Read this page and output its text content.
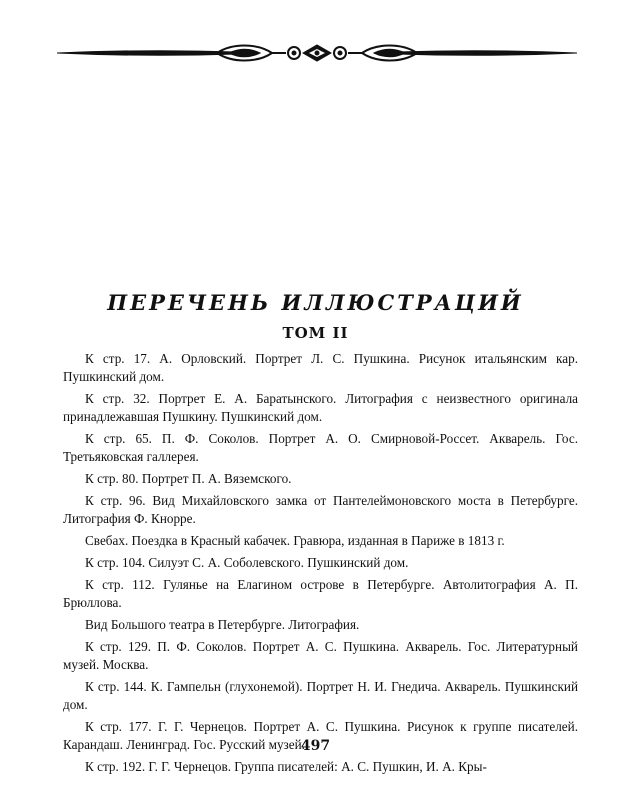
ПЕРЕЧЕНЬ ИЛЛЮСТРАЦИЙ
ТОМ II
К стр. 17. А. Орловский. Портрет Л. С. Пушкина. Рисунок итальянским кар. Пушкинский дом.
К стр. 32. Портрет Е. А. Баратынского. Литография с неизвестного оригинала принадлежавшая Пушкину. Пушкинский дом.
К стр. 65. П. Ф. Соколов. Портрет А. О. Смирновой-Россет. Акварель. Гос. Третьяковская галлерея.
К стр. 80. Портрет П. А. Вяземского.
К стр. 96. Вид Михайловского замка от Пантелеймоновского моста в Петербурге. Литография Ф. Кнорре.
Свебах. Поездка в Красный кабачек. Гравюра, изданная в Париже в 1813 г.
К стр. 104. Силуэт С. А. Соболевского. Пушкинский дом.
К стр. 112. Гулянье на Елагином острове в Петербурге. Автолитография А. П. Брюллова.
Вид Большого театра в Петербурге. Литография.
К стр. 129. П. Ф. Соколов. Портрет А. С. Пушкина. Акварель. Гос. Литературный музей. Москва.
К стр. 144. К. Гампельн (глухонемой). Портрет Н. И. Гнедича. Акварель. Пушкинский дом.
К стр. 177. Г. Г. Чернецов. Портрет А. С. Пушкина. Рисунок к группе писателей. Карандаш. Ленинград. Гос. Русский музей.
К стр. 192. Г. Г. Чернецов. Группа писателей: А. С. Пушкин, И. А. Кры-
497
